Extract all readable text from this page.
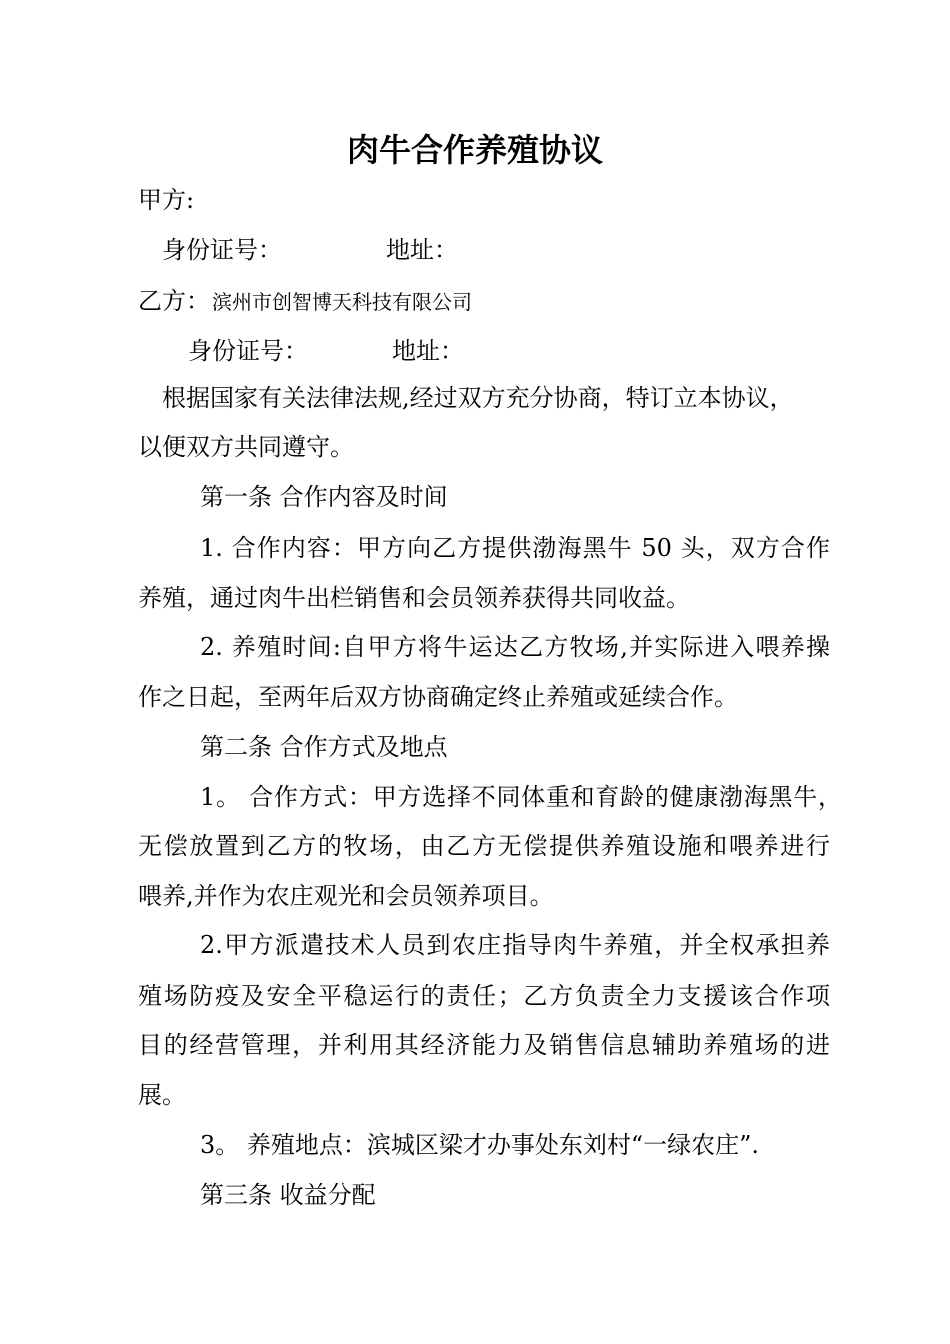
肉牛合作养殖协议
甲方:
身份证号：	地址：
乙方： 滨州市创智博天科技有限公司
身份证号：	地址：
根据国家有关法律法规,经过双方充分协商，特订立本协议，
以便双方共同遵守。
第一条 合作内容及时间
1. 合作内容：甲方向乙方提供渤海黑牛 50 头，双方合作
养殖，通过肉牛出栏销售和会员领养获得共同收益。
2. 养殖时间:自甲方将牛运达乙方牧场,并实际进入喂养操
作之日起，至两年后双方协商确定终止养殖或延续合作。
第二条 合作方式及地点
1。 合作方式：甲方选择不同体重和育龄的健康渤海黑牛，
无偿放置到乙方的牧场，由乙方无偿提供养殖设施和喂养进行
喂养,并作为农庄观光和会员领养项目。
2.甲方派遣技术人员到农庄指导肉牛养殖，并全权承担养
殖场防疫及安全平稳运行的责任；乙方负责全力支援该合作项
目的经营管理，并利用其经济能力及销售信息辅助养殖场的进
展。
3。 养殖地点：滨城区梁才办事处东刘村“一绿农庄”.
第三条 收益分配
